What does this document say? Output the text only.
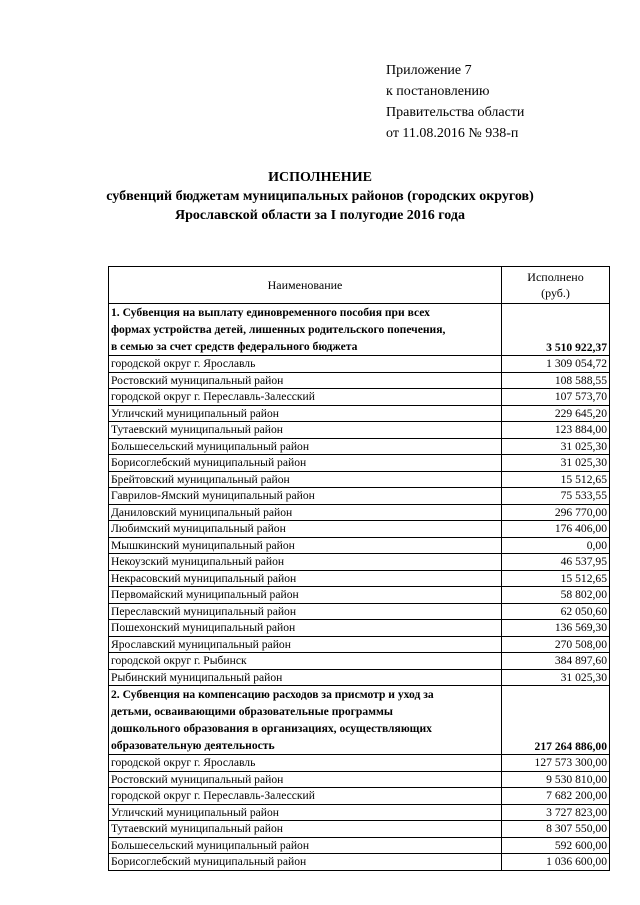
Приложение 7
к постановлению
Правительства области
от 11.08.2016 № 938-п
ИСПОЛНЕНИЕ
субвенций бюджетам муниципальных районов (городских округов)
Ярославской области за I полугодие 2016 года
Наименование	Исполнено
(руб.)

1. Субвенция на выплату единовременного пособия при всех
формах устройства детей, лишенных родительского попечения,
в семью за счет средств федерального бюджета	3 510 922,37
городской округ г. Ярославль	1 309 054,72
Ростовский муниципальный район	108 588,55
городской округ г. Переславль-Залесский	107 573,70
Угличский муниципальный район	229 645,20
Тутаевский муниципальный район	123 884,00
Большесельский муниципальный район	31 025,30
Борисоглебский муниципальный район	31 025,30
Брейтовский муниципальный район	15 512,65
Гаврилов-Ямский муниципальный район	75 533,55
Даниловский муниципальный район	296 770,00
Любимский муниципальный район	176 406,00
Мышкинский муниципальный район	0,00
Некоузский муниципальный район	46 537,95
Некрасовский муниципальный район	15 512,65
Первомайский муниципальный район	58 802,00
Переславский муниципальный район	62 050,60
Пошехонский муниципальный район	136 569,30
Ярославский муниципальный район	270 508,00
городской округ г. Рыбинск	384 897,60
Рыбинский муниципальный район	31 025,30

2. Субвенция на компенсацию расходов за присмотр и уход за
детьми, осваивающими образовательные программы
дошкольного образования в организациях, осуществляющих
образовательную деятельность	217 264 886,00
городской округ г. Ярославль	127 573 300,00
Ростовский муниципальный район	9 530 810,00
городской округ г. Переславль-Залесский	7 682 200,00
Угличский муниципальный район	3 727 823,00
Тутаевский муниципальный район	8 307 550,00
Большесельский муниципальный район	592 600,00
Борисоглебский муниципальный район	1 036 600,00
